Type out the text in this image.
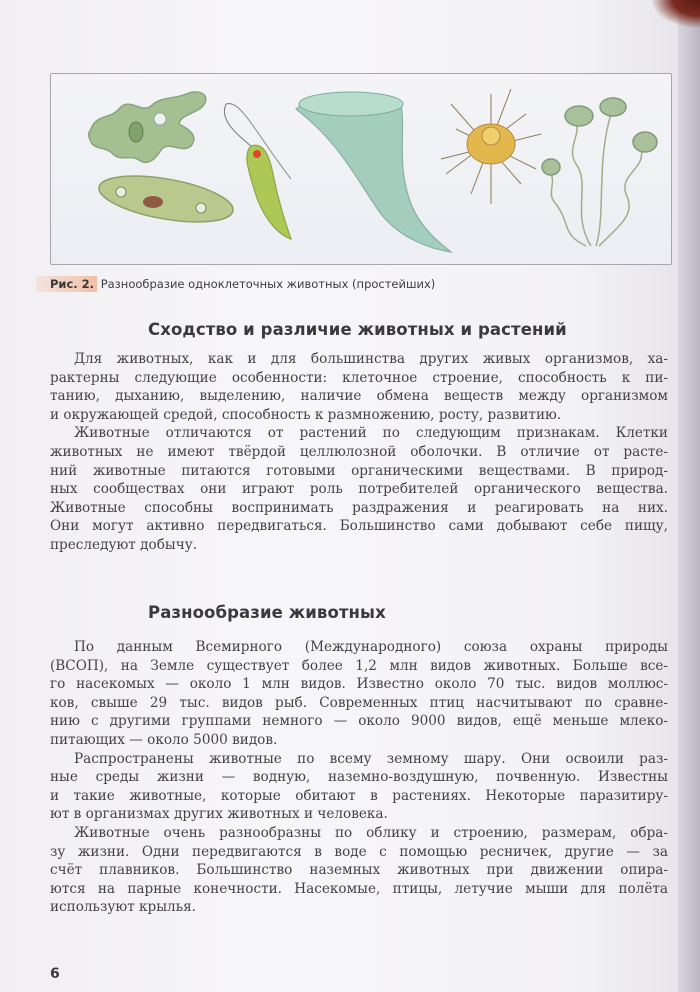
Рис. 2. Разнообразие одноклеточных животных (простейших)
Сходство и различие животных и растений
Для животных, как и для большинства других живых организмов, ха-
рактерны следующие особенности: клеточное строение, способность к пи-
танию, дыханию, выделению, наличие обмена веществ между организмом
и окружающей средой, способность к размножению, росту, развитию.
Животные отличаются от растений по следующим признакам. Клетки
животных не имеют твёрдой целлюлозной оболочки. В отличие от расте-
ний животные питаются готовыми органическими веществами. В природ-
ных сообществах они играют роль потребителей органического вещества.
Животные способны воспринимать раздражения и реагировать на них.
Они могут активно передвигаться. Большинство сами добывают себе пищу,
преследуют добычу.
Разнообразие животных
По данным Всемирного (Международного) союза охраны природы
(ВСОП), на Земле существует более 1,2 млн видов животных. Больше все-
го насекомых — около 1 млн видов. Известно около 70 тыс. видов моллюс-
ков, свыше 29 тыс. видов рыб. Современных птиц насчитывают по сравне-
нию с другими группами немного — около 9000 видов, ещё меньше млеко-
питающих — около 5000 видов.
Распространены животные по всему земному шару. Они освоили раз-
ные среды жизни — водную, наземно-воздушную, почвенную. Известны
и такие животные, которые обитают в растениях. Некоторые паразитиру-
ют в организмах других животных и человека.
Животные очень разнообразны по облику и строению, размерам, обра-
зу жизни. Одни передвигаются в воде с помощью ресничек, другие — за
счёт плавников. Большинство наземных животных при движении опира-
ются на парные конечности. Насекомые, птицы, летучие мыши для полёта
используют крылья.
6
